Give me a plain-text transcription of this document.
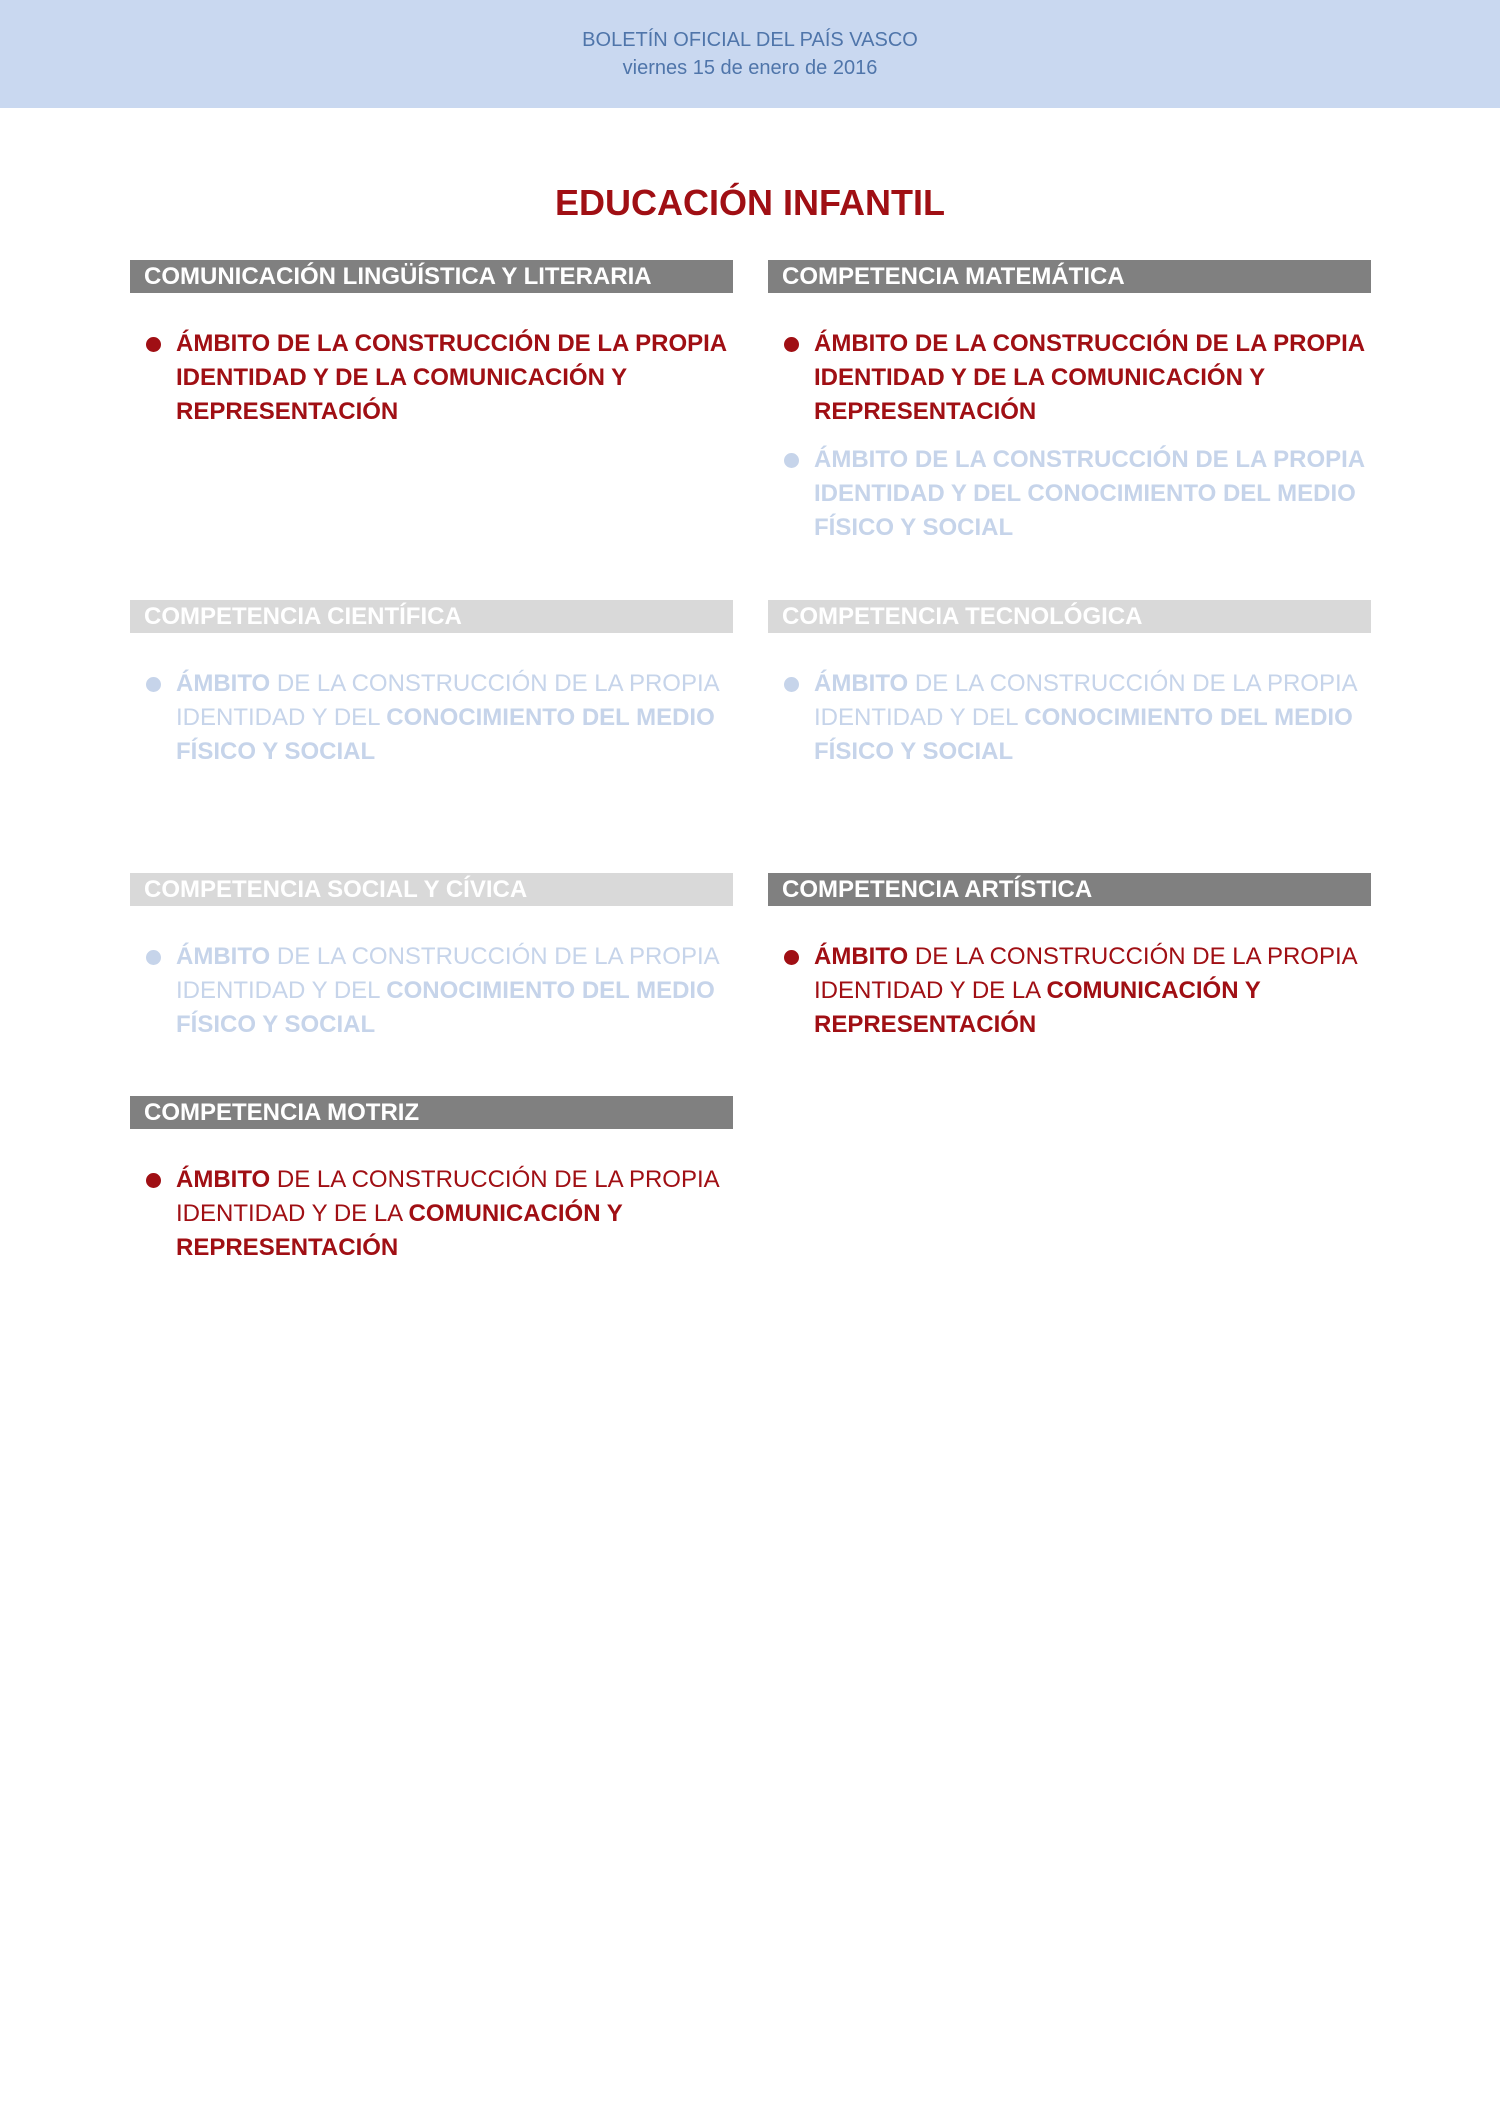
BOLETÍN OFICIAL DEL PAÍS VASCO
viernes 15 de enero de 2016
EDUCACIÓN INFANTIL
COMUNICACIÓN LINGÜÍSTICA Y LITERARIA
ÁMBITO DE LA CONSTRUCCIÓN DE LA PROPIA IDENTIDAD Y DE LA COMUNICACIÓN Y REPRESENTACIÓN
COMPETENCIA MATEMÁTICA
ÁMBITO DE LA CONSTRUCCIÓN DE LA PROPIA IDENTIDAD Y DE LA COMUNICACIÓN Y REPRESENTACIÓN
ÁMBITO DE LA CONSTRUCCIÓN DE LA PROPIA IDENTIDAD Y DEL CONOCIMIENTO DEL MEDIO FÍSICO Y SOCIAL
COMPETENCIA CIENTÍFICA
ÁMBITO DE LA CONSTRUCCIÓN DE LA PROPIA IDENTIDAD Y DEL CONOCIMIENTO DEL MEDIO FÍSICO Y SOCIAL
COMPETENCIA TECNOLÓGICA
ÁMBITO DE LA CONSTRUCCIÓN DE LA PROPIA IDENTIDAD Y DEL CONOCIMIENTO DEL MEDIO FÍSICO Y SOCIAL
COMPETENCIA SOCIAL Y CÍVICA
ÁMBITO DE LA CONSTRUCCIÓN DE LA PROPIA IDENTIDAD Y DEL CONOCIMIENTO DEL MEDIO FÍSICO Y SOCIAL
COMPETENCIA ARTÍSTICA
ÁMBITO DE LA CONSTRUCCIÓN DE LA PROPIA IDENTIDAD Y DE LA COMUNICACIÓN Y REPRESENTACIÓN
COMPETENCIA MOTRIZ
ÁMBITO DE LA CONSTRUCCIÓN DE LA PROPIA IDENTIDAD Y DE LA COMUNICACIÓN Y REPRESENTACIÓN
